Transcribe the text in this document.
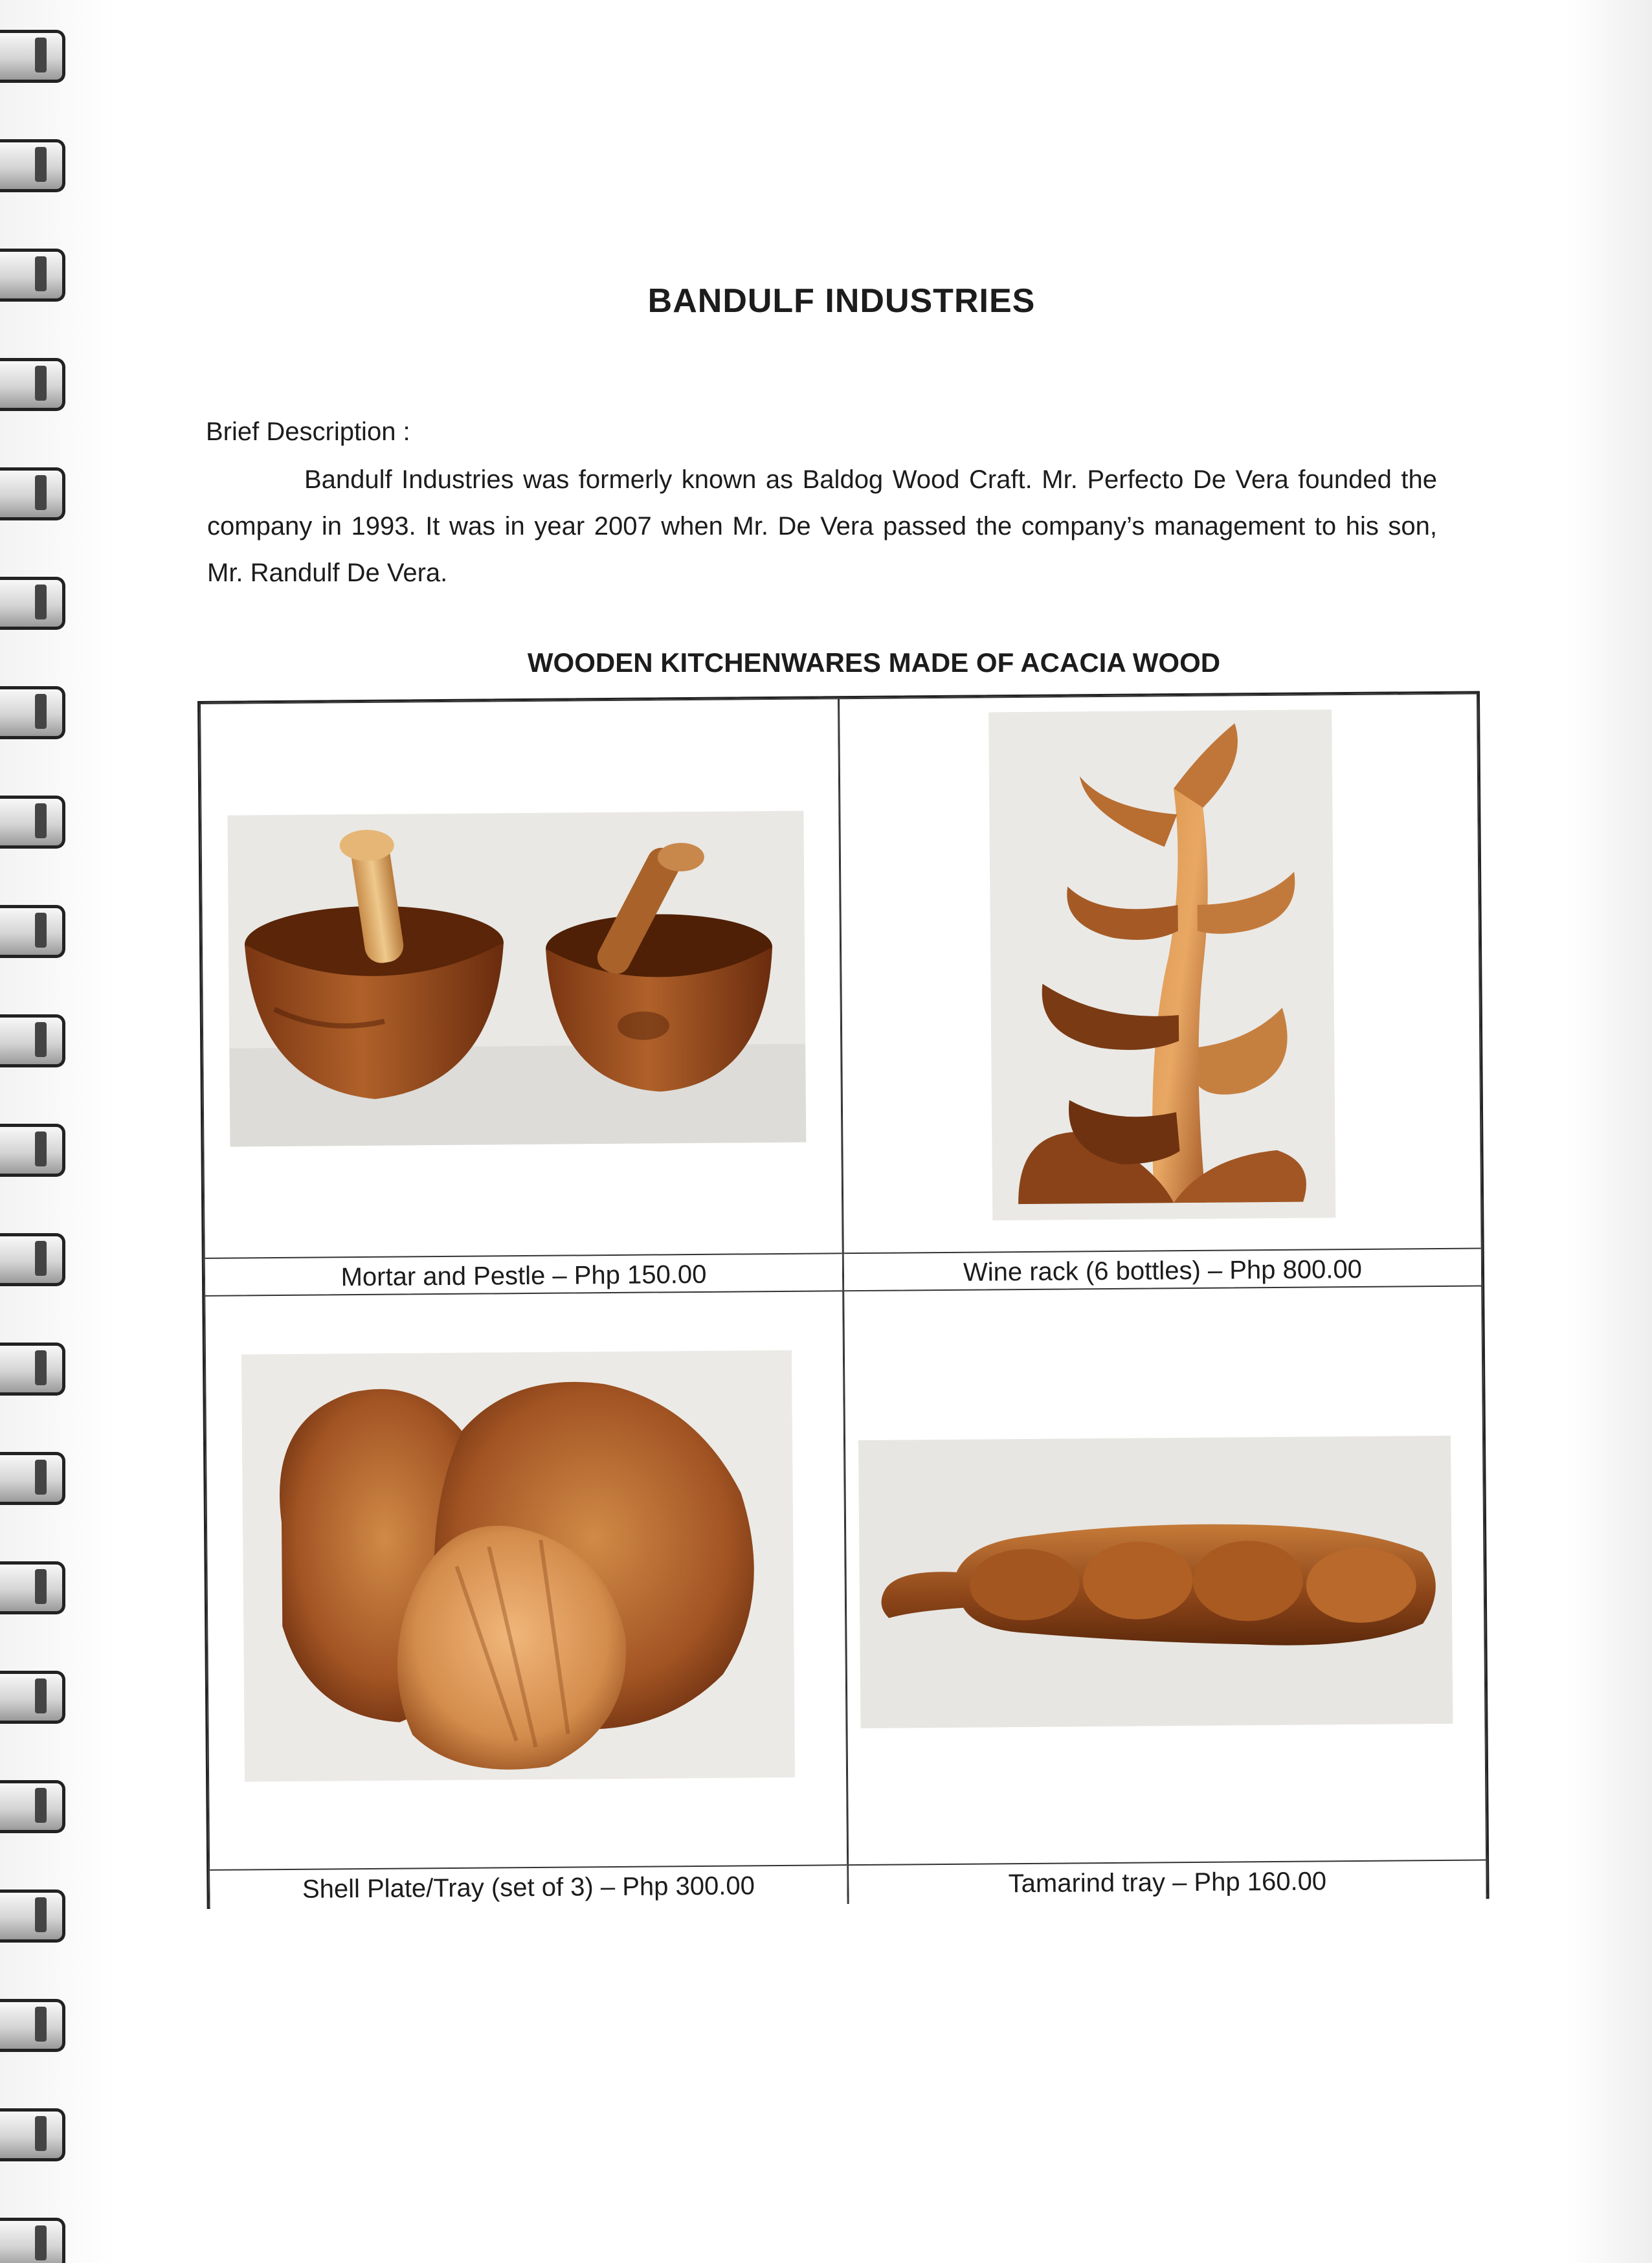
BANDULF INDUSTRIES
Brief Description :
Bandulf Industries was formerly known as Baldog Wood Craft. Mr. Perfecto De Vera founded the company in 1993. It was in year 2007 when Mr. De Vera passed the company’s management to his son, Mr. Randulf De Vera.
WOODEN KITCHENWARES MADE OF ACACIA WOOD
Mortar and Pestle – Php 150.00	Wine rack (6 bottles) – Php 800.00
Shell Plate/Tray (set of 3) – Php 300.00	Tamarind tray – Php 160.00
